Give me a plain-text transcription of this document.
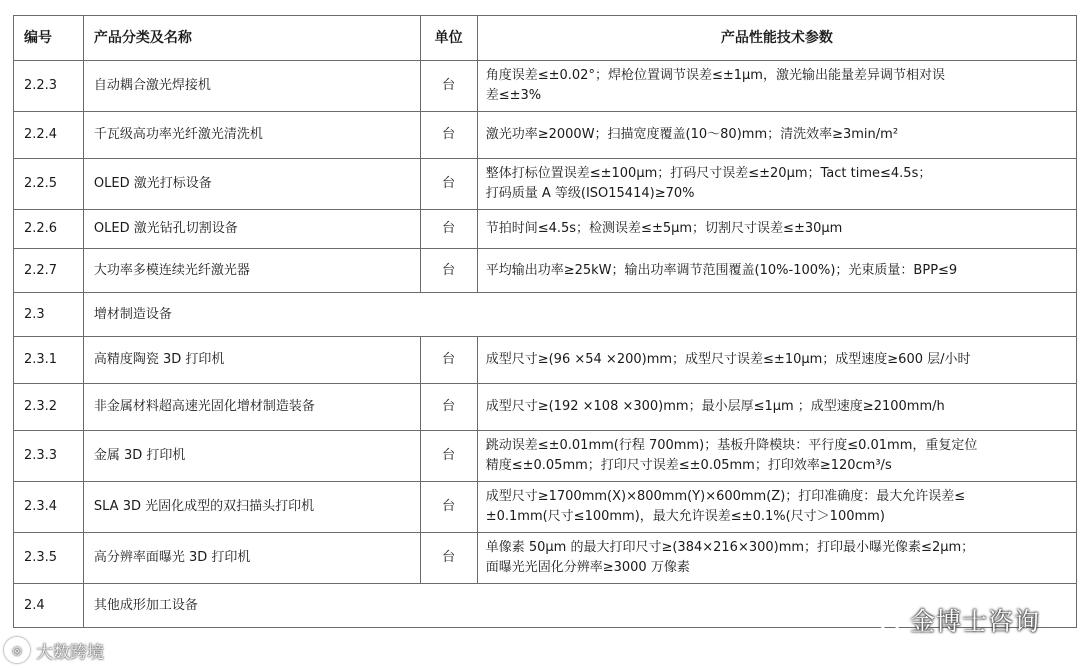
编号	产品分类及名称	单位	产品性能技术参数
2.2.3	自动耦合激光焊接机	台	角度误差≤±0.02°；焊枪位置调节误差≤±1μm，激光输出能量差异调节相对误
差≤±3%

2.2.4	千瓦级高功率光纤激光清洗机	台	激光功率≥2000W；扫描宽度覆盖(10～80)mm；清洗效率≥3min/m²

2.2.5	OLED 激光打标设备	台	整体打标位置误差≤±100μm；打码尺寸误差≤±20μm；Tact time≤4.5s；
打码质量 A 等级(ISO15414)≥70%

2.2.6	OLED 激光钻孔切割设备	台	节拍时间≤4.5s；检测误差≤±5μm；切割尺寸误差≤±30μm

2.2.7	大功率多模连续光纤激光器	台	平均输出功率≥25kW；输出功率调节范围覆盖(10%-100%)；光束质量：BPP≤9

2.3	增材制造设备		
2.3.1	高精度陶瓷 3D 打印机	台	成型尺寸≥(96 ×54 ×200)mm；成型尺寸误差≤±10μm；成型速度≥600 层/小时

2.3.2	非金属材料超高速光固化增材制造装备	台	成型尺寸≥(192 ×108 ×300)mm；最小层厚≤1μm ；成型速度≥2100mm/h

2.3.3	金属 3D 打印机	台	跳动误差≤±0.01mm(行程 700mm)；基板升降模块：平行度≤0.01mm，重复定位
精度≤±0.05mm；打印尺寸误差≤±0.05mm；打印效率≥120cm³/s

2.3.4	SLA 3D 光固化成型的双扫描头打印机	台	成型尺寸≥1700mm(X)×800mm(Y)×600mm(Z)；打印准确度：最大允许误差≤
±0.1mm(尺寸≤100mm)，最大允许误差≤±0.1%(尺寸＞100mm)

2.3.5	高分辨率面曝光 3D 打印机	台	单像素 50μm 的最大打印尺寸≥(384×216×300)mm；打印最小曝光像素≤2μm；
面曝光光固化分辨率≥3000 万像素

2.4	其他成形加工设备		
◎ 大数跨境
金博士咨询
